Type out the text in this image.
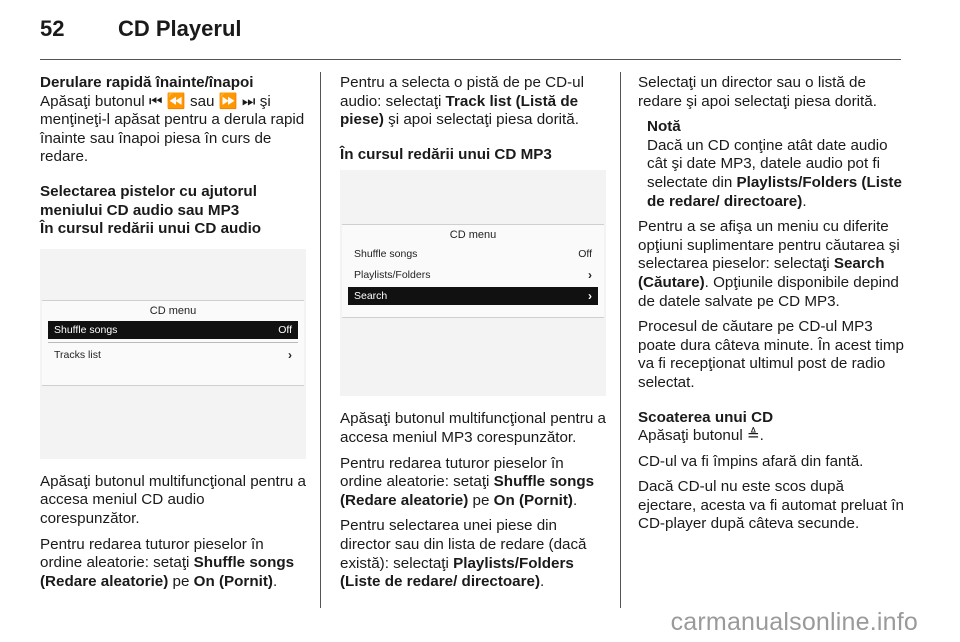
52 CD Playerul

Derulare rapidă înainte/înapoi

Apăsaţi butonul ⏮ ⏪ sau ⏩ ⏭ şi menţineţi-l apăsat pentru a derula rapid înainte sau înapoi piesa în curs de redare.

Selectarea pistelor cu ajutorul
meniului CD audio sau MP3

În cursul redării unui CD audio

CD menu
Shuffle songs	Off
Tracks list	›

Apăsaţi butonul multifuncţional pentru a accesa meniul CD audio corespunzător.

Pentru redarea tuturor pieselor în ordine aleatorie: setaţi Shuffle songs (Redare aleatorie) pe On (Pornit).

Pentru a selecta o pistă de pe CD-ul audio: selectaţi Track list (Listă de piese) şi apoi selectaţi piesa dorită.

În cursul redării unui CD MP3

CD menu
Shuffle songs	Off
Playlists/Folders	›
Search	›

Apăsaţi butonul multifuncţional pentru a accesa meniul MP3 corespunzător.

Pentru redarea tuturor pieselor în ordine aleatorie: setaţi Shuffle songs (Redare aleatorie) pe On (Pornit).

Pentru selectarea unei piese din director sau din lista de redare (dacă există): selectaţi Playlists/Folders (Liste de redare/ directoare).

Selectaţi un director sau o listă de redare şi apoi selectaţi piesa dorită.

Notă

Dacă un CD conţine atât date audio cât şi date MP3, datele audio pot fi selectate din Playlists/Folders (Liste de redare/ directoare).

Pentru a se afişa un meniu cu diferite opţiuni suplimentare pentru căutarea şi selectarea pieselor: selectaţi Search (Căutare). Opţiunile disponibile depind de datele salvate pe CD MP3.

Procesul de căutare pe CD-ul MP3 poate dura câteva minute. În acest timp va fi recepţionat ultimul post de radio selectat.

Scoaterea unui CD

Apăsaţi butonul ≜.

CD-ul va fi împins afară din fantă.

Dacă CD-ul nu este scos după ejectare, acesta va fi automat preluat în CD-player după câteva secunde.

carmanualsonline.info
